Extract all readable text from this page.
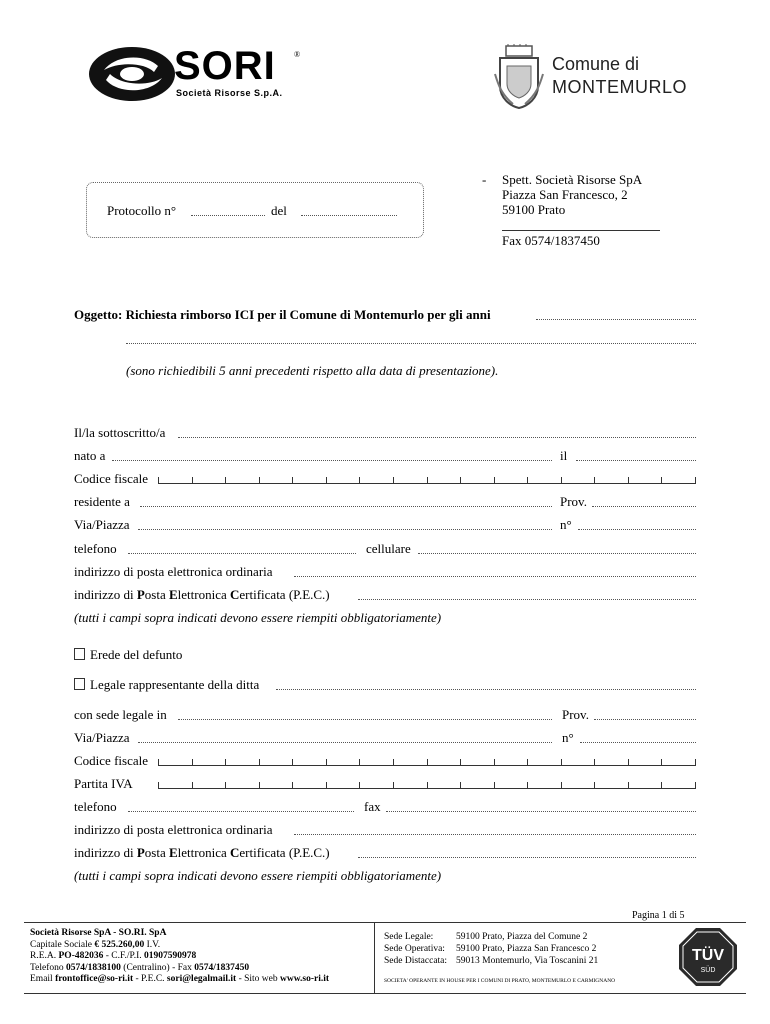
SORI ®
Società Risorse S.p.A.
Comune di
MONTEMURLO
Protocollo n°	del
- Spett. Società Risorse SpA
Piazza San Francesco, 2
59100 Prato
Fax 0574/1837450
Oggetto: Richiesta rimborso ICI per il Comune di Montemurlo per gli anni
(sono richiedibili 5 anni precedenti rispetto alla data di presentazione).
Il/la sottoscritto/a
nato a	il
Codice fiscale
residente a	Prov.
Via/Piazza	n°
telefono	cellulare
indirizzo di posta elettronica ordinaria
indirizzo di Posta Elettronica Certificata (P.E.C.)
(tutti i campi sopra indicati devono essere riempiti obbligatoriamente)
Erede del defunto
Legale rappresentante della ditta
con sede legale in	Prov.
Via/Piazza	n°
Codice fiscale
Partita IVA
telefono	fax
indirizzo di posta elettronica ordinaria
indirizzo di Posta Elettronica Certificata (P.E.C.)
(tutti i campi sopra indicati devono essere riempiti obbligatoriamente)
Pagina 1 di 5
Società Risorse SpA - SO.RI. SpA
Capitale Sociale € 525.260,00 I.V.
R.E.A. PO-482036 - C.F./P.I. 01907590978
Telefono 0574/1838100 (Centralino) - Fax 0574/1837450
Email frontoffice@so-ri.it - P.E.C. sori@legalmail.it - Sito web www.so-ri.it
Sede Legale: 59100 Prato, Piazza del Comune 2
Sede Operativa: 59100 Prato, Piazza San Francesco 2
Sede Distaccata: 59013 Montemurlo, Via Toscanini 21
SOCIETA' OPERANTE IN HOUSE PER I COMUNI DI PRATO, MONTEMURLO E CARMIGNANO
TÜV
SÜD
